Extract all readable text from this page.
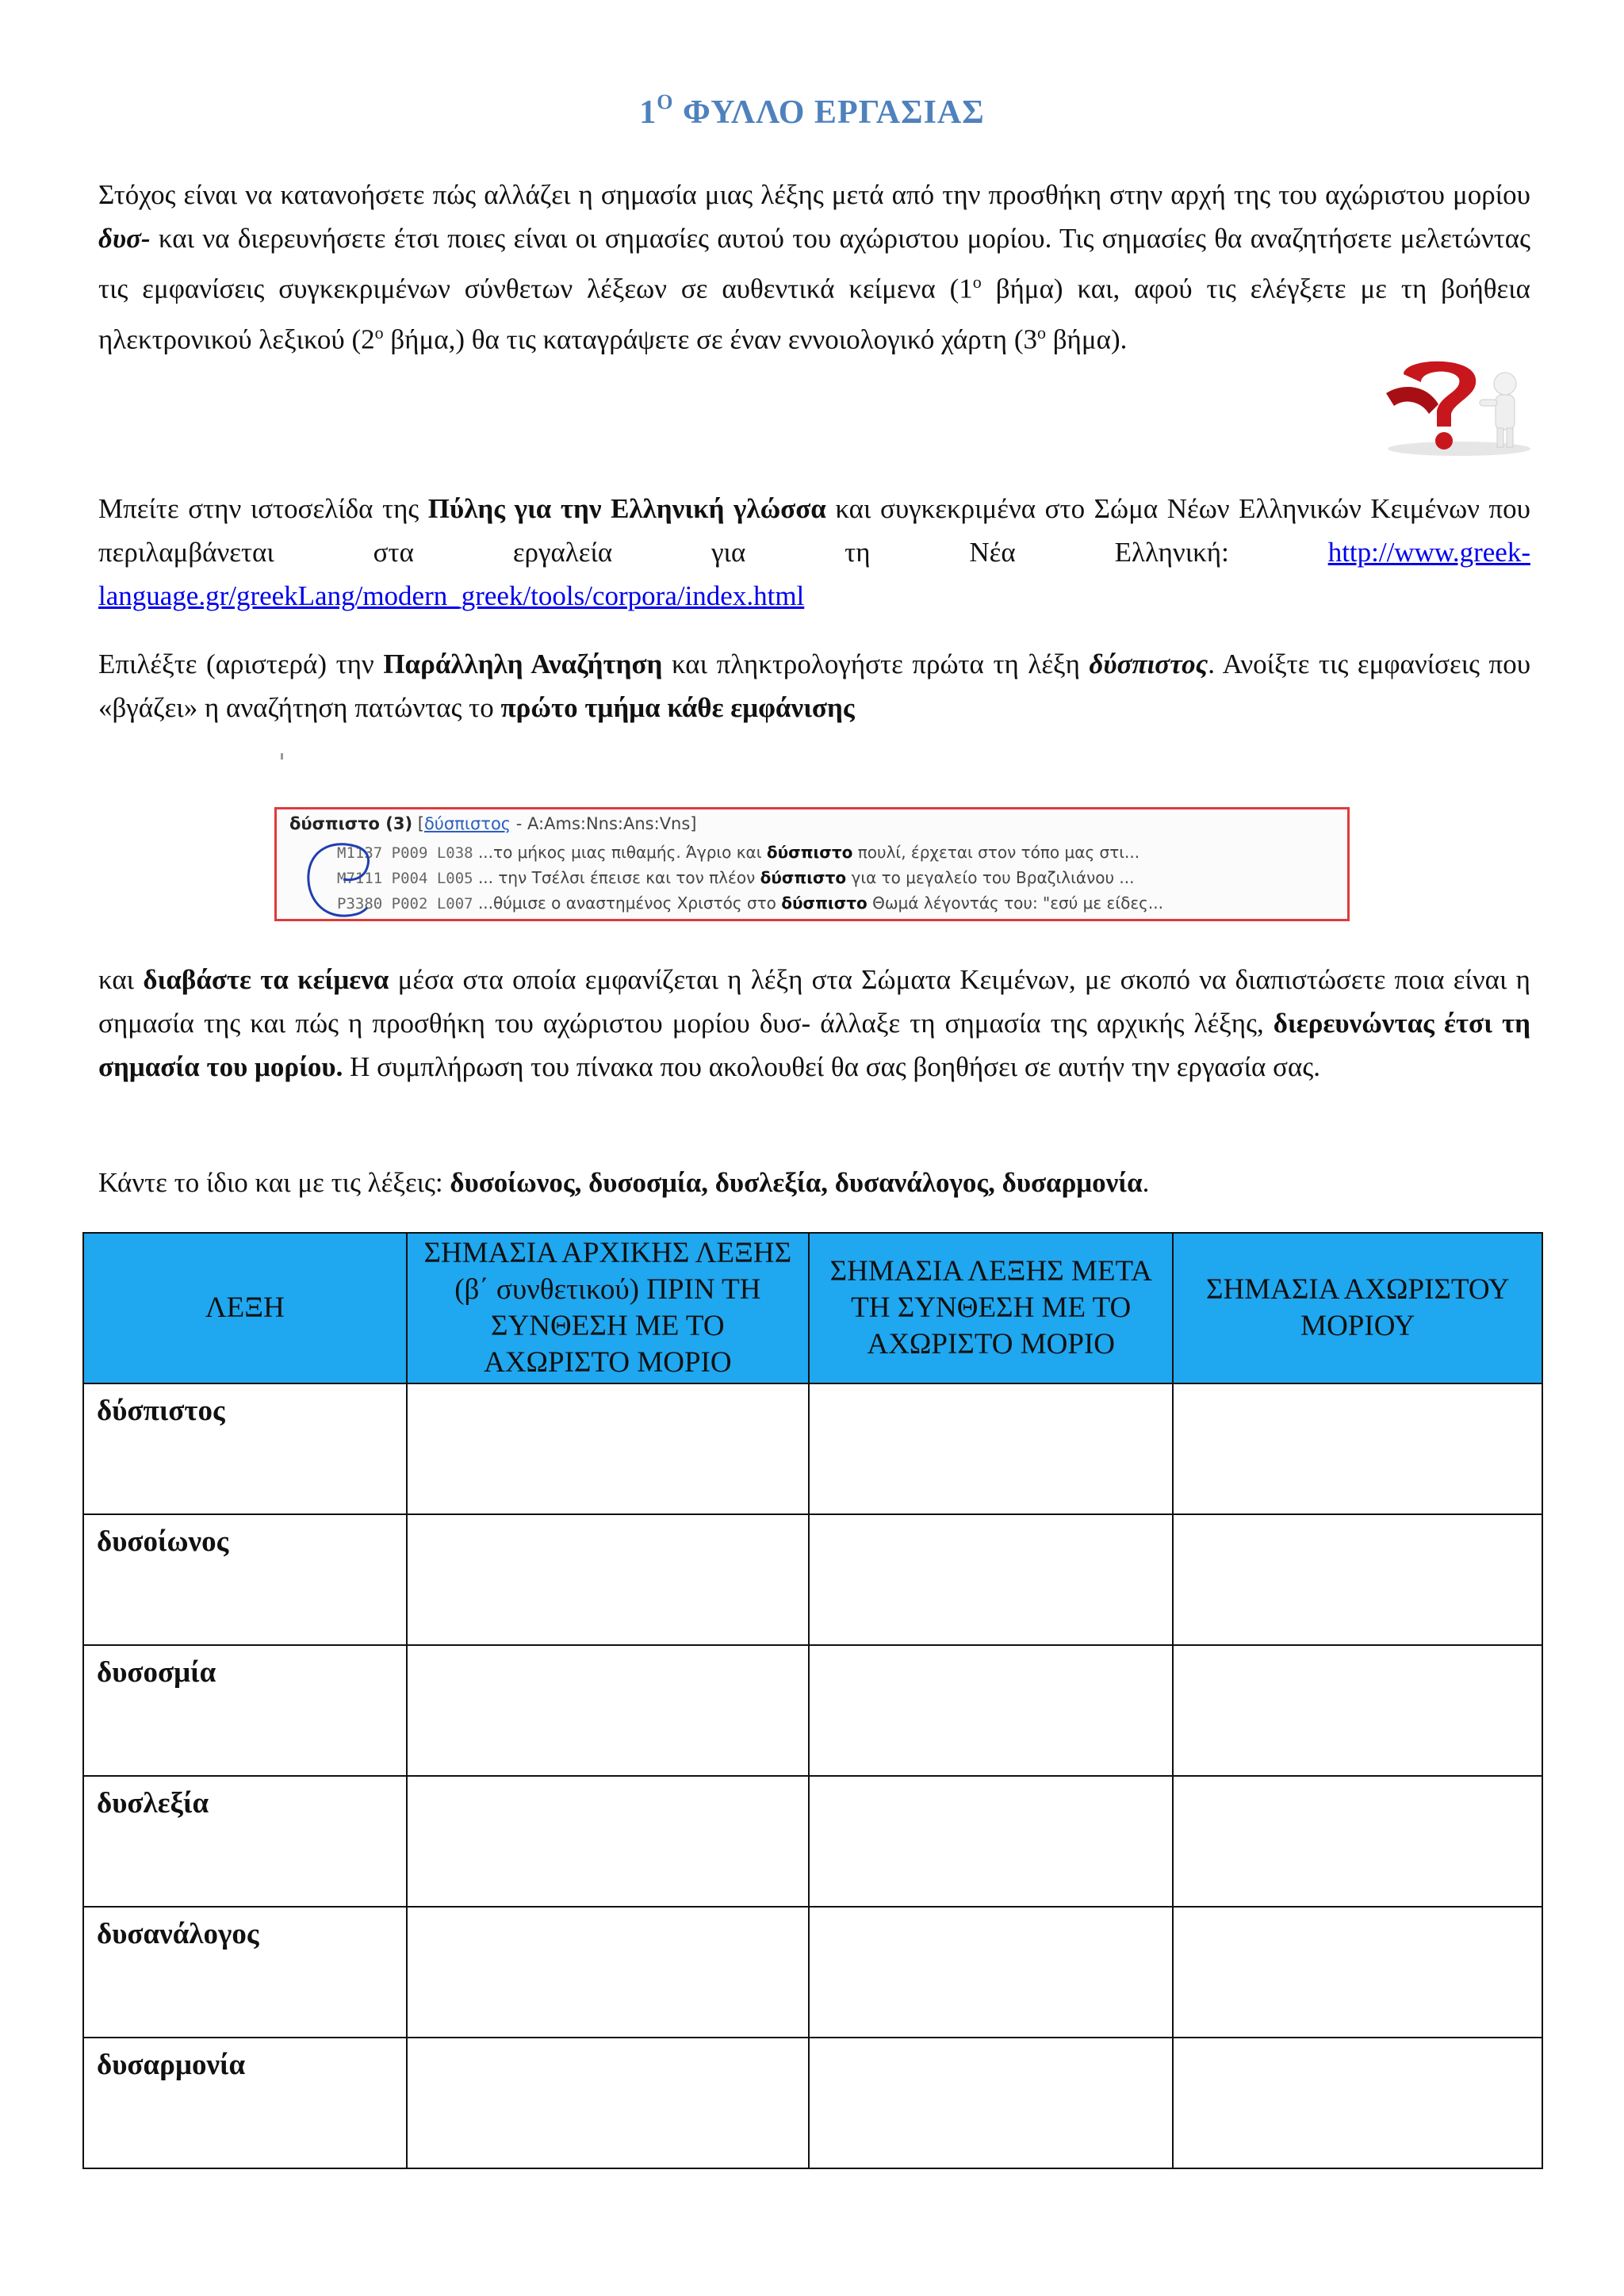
$1^O$ ΦΥΛΛΟ ΕΡΓΑΣΙΑΣ
Στόχος είναι να κατανοήσετε πώς αλλάζει η σημασία μιας λέξης μετά από την προσθήκη στην αρχή της του αχώριστου μορίου δυσ- και να διερευνήσετε έτσι ποιες είναι οι σημασίες αυτού του αχώριστου μορίου. Τις σημασίες θα αναζητήσετε μελετώντας τις εμφανίσεις συγκεκριμένων σύνθετων λέξεων σε αυθεντικά κείμενα ($1^o$ βήμα) και, αφού τις ελέγξετε με τη βοήθεια ηλεκτρονικού λεξικού ($2^o$ βήμα,) θα τις καταγράψετε σε έναν εννοιολογικό χάρτη ($3^o$ βήμα).
Μπείτε στην ιστοσελίδα της Πύλης για την Ελληνική γλώσσα και συγκεκριμένα στο Σώμα Νέων Ελληνικών Κειμένων που περιλαμβάνεται στα εργαλεία για τη Νέα Ελληνική: http://www.greek-language.gr/greekLang/modern_greek/tools/corpora/index.html
Επιλέξτε (αριστερά) την Παράλληλη Αναζήτηση και πληκτρολογήστε πρώτα τη λέξη δύσπιστος. Ανοίξτε τις εμφανίσεις που «βγάζει» η αναζήτηση πατώντας το πρώτο τμήμα κάθε εμφάνισης
δύσπιστο (3) [δύσπιστος - A:Ams:Nns:Ans:Vns]
M1137 P009 L038 ...το μήκος μιας πιθαμής. Άγριο και δύσπιστο πουλί, έρχεται στον τόπο μας στι...
M7111 P004 L005 ... την Τσέλσι έπεισε και τον πλέον δύσπιστο για το μεγαλείο του Βραζιλιάνου ...
P3380 P002 L007 ...θύμισε ο αναστημένος Χριστός στο δύσπιστο Θωμά λέγοντάς του: "εσύ με είδες...
και διαβάστε τα κείμενα μέσα στα οποία εμφανίζεται η λέξη στα Σώματα Κειμένων, με σκοπό να διαπιστώσετε ποια είναι η σημασία της και πώς η προσθήκη του αχώριστου μορίου δυσ- άλλαξε τη σημασία της αρχικής λέξης, διερευνώντας έτσι τη σημασία του μορίου. Η συμπλήρωση του πίνακα που ακολουθεί θα σας βοηθήσει σε αυτήν την εργασία σας.
Κάντε το ίδιο και με τις λέξεις: δυσοίωνος, δυσοσμία, δυσλεξία, δυσανάλογος, δυσαρμονία.
ΛΕΞΗ	ΣΗΜΑΣΙΑ ΑΡΧΙΚΗΣ ΛΕΞΗΣ (β΄ συνθετικού) ΠΡΙΝ ΤΗ ΣΥΝΘΕΣΗ ΜΕ ΤΟ ΑΧΩΡΙΣΤΟ ΜΟΡΙΟ	ΣΗΜΑΣΙΑ ΛΕΞΗΣ ΜΕΤΑ ΤΗ ΣΥΝΘΕΣΗ ΜΕ ΤΟ ΑΧΩΡΙΣΤΟ ΜΟΡΙΟ	ΣΗΜΑΣΙΑ ΑΧΩΡΙΣΤΟΥ ΜΟΡΙΟΥ
δύσπιστος			
δυσοίωνος			
δυσοσμία			
δυσλεξία			
δυσανάλογος			
δυσαρμονία			
